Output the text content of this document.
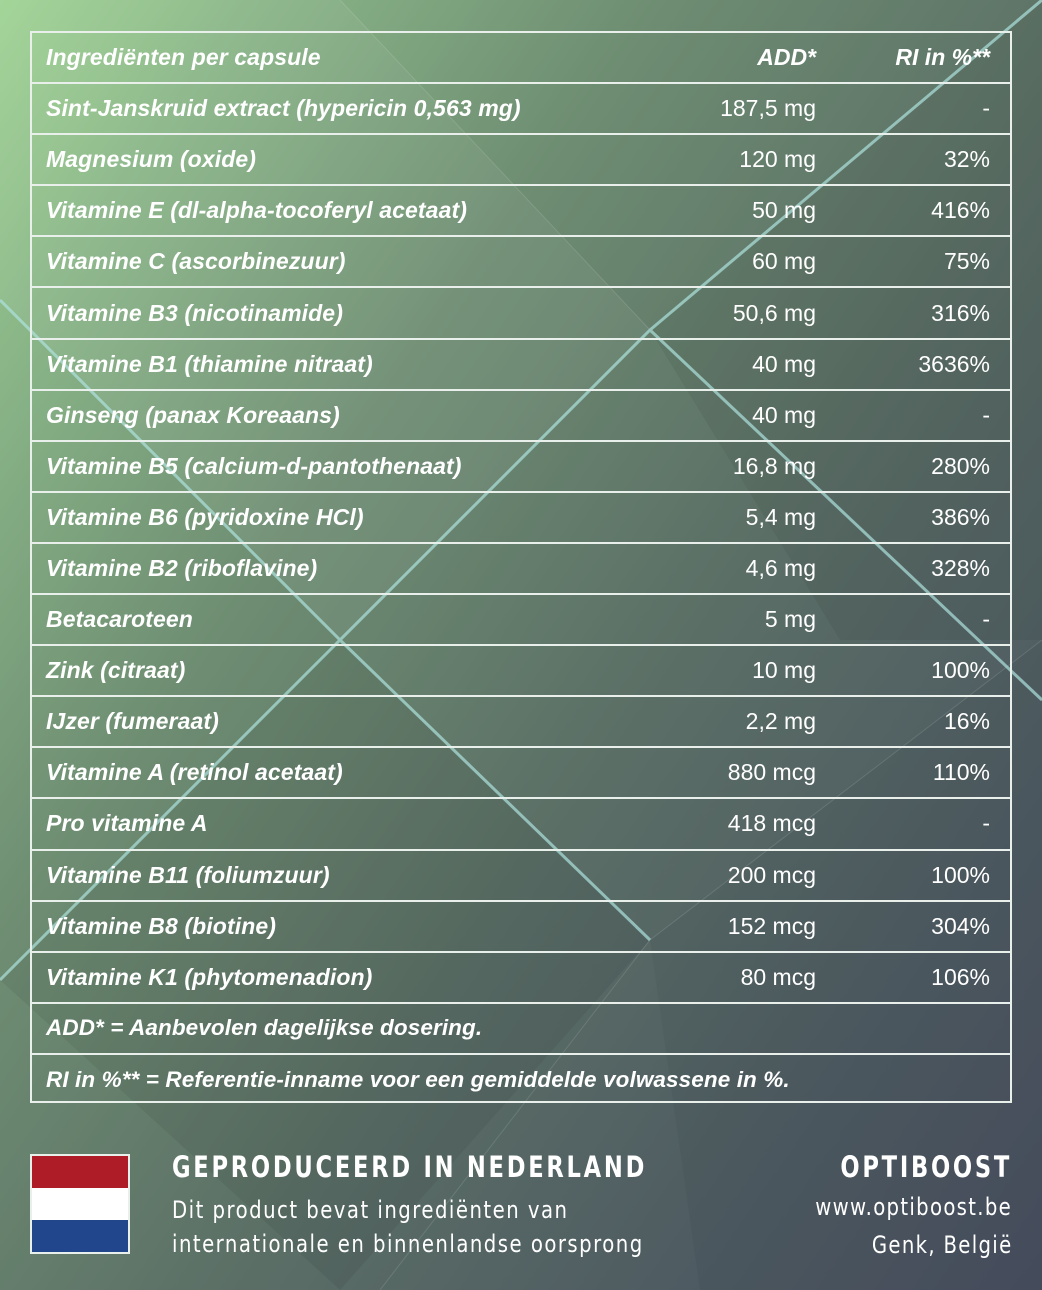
Ingrediënten per capsule	ADD*	RI in %**
Sint-Janskruid extract (hypericin 0,563 mg)	187,5 mg	-
Magnesium (oxide)	120 mg	32%
Vitamine E (dl-alpha-tocoferyl acetaat)	50 mg	416%
Vitamine C (ascorbinezuur)	60 mg	75%
Vitamine B3 (nicotinamide)	50,6 mg	316%
Vitamine B1 (thiamine nitraat)	40 mg	3636%
Ginseng (panax Koreaans)	40 mg	-
Vitamine B5 (calcium-d-pantothenaat)	16,8 mg	280%
Vitamine B6 (pyridoxine HCl)	5,4 mg	386%
Vitamine B2 (riboflavine)	4,6 mg	328%
Betacaroteen	5 mg	-
Zink (citraat)	10 mg	100%
IJzer (fumeraat)	2,2 mg	16%
Vitamine A (retinol acetaat)	880 mcg	110%
Pro vitamine A	418 mcg	-
Vitamine B11 (foliumzuur)	200 mcg	100%
Vitamine B8 (biotine)	152 mcg	304%
Vitamine K1 (phytomenadion)	80 mcg	106%
ADD* = Aanbevolen dagelijkse dosering.
RI in %** = Referentie-inname voor een gemiddelde volwassene in %.
GEPRODUCEERD IN NEDERLAND
Dit product bevat ingrediënten van
internationale en binnenlandse oorsprong
OPTIBOOST
www.optiboost.be
Genk, België
